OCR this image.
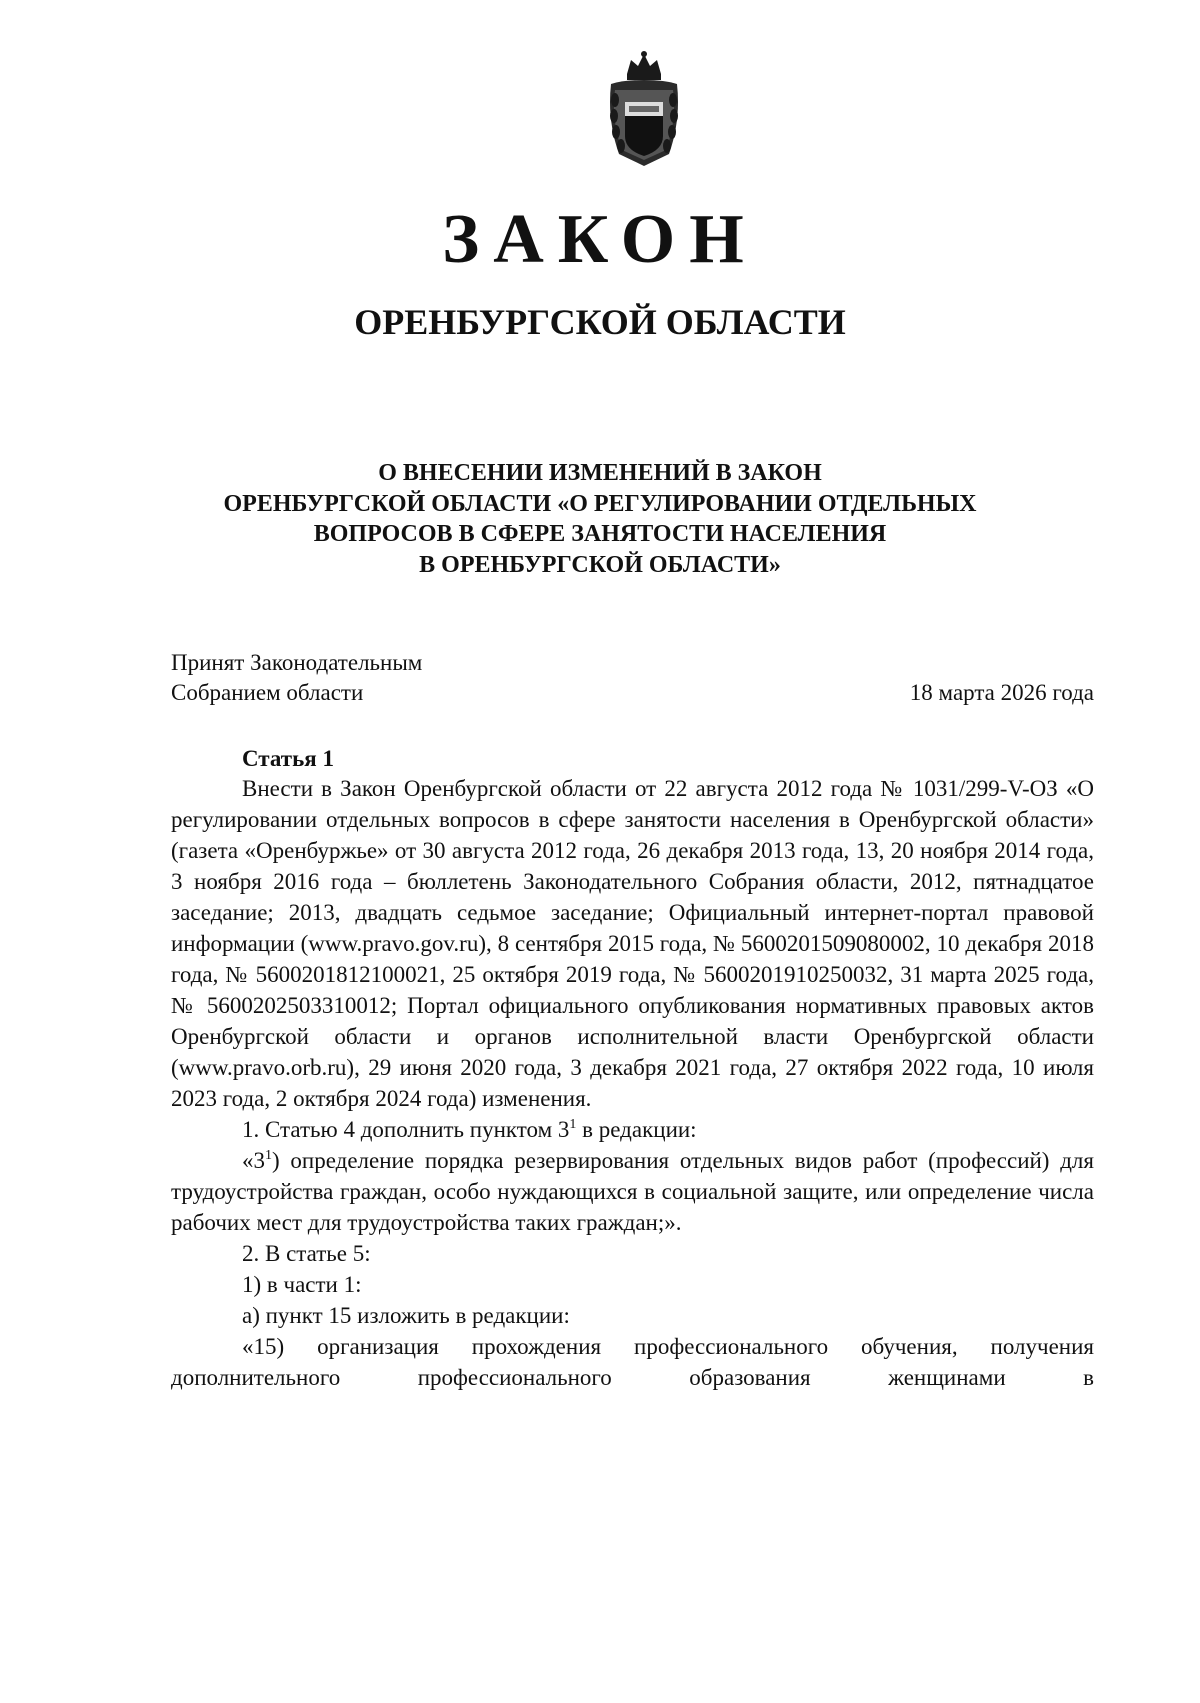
ЗАКОН
ОРЕНБУРГСКОЙ ОБЛАСТИ
О ВНЕСЕНИИ ИЗМЕНЕНИЙ В ЗАКОН
ОРЕНБУРГСКОЙ ОБЛАСТИ «О РЕГУЛИРОВАНИИ ОТДЕЛЬНЫХ
ВОПРОСОВ В СФЕРЕ ЗАНЯТОСТИ НАСЕЛЕНИЯ
В ОРЕНБУРГСКОЙ ОБЛАСТИ»
Принят Законодательным
Собранием области	18 марта 2026 года
Статья 1

Внести в Закон Оренбургской области от 22 августа 2012 года № 1031/299-V-ОЗ «О регулировании отдельных вопросов в сфере занятости населения в Оренбургской области» (газета «Оренбуржье» от 30 августа 2012 года, 26 декабря 2013 года, 13, 20 ноября 2014 года, 3 ноября 2016 года – бюллетень Законодательного Собрания области, 2012, пятнадцатое заседание; 2013, двадцать седьмое заседание; Официальный интернет-портал правовой информации (www.pravo.gov.ru), 8 сентября 2015 года, № 5600201509080002, 10 декабря 2018 года, № 5600201812100021, 25 октября 2019 года, № 5600201910250032, 31 марта 2025 года, № 5600202503310012; Портал официального опубликования нормативных правовых актов Оренбургской области и органов исполнительной власти Оренбургской области (www.pravo.orb.ru), 29 июня 2020 года, 3 декабря 2021 года, 27 октября 2022 года, 10 июля 2023 года, 2 октября 2024 года) изменения.

1. Статью 4 дополнить пунктом $3^1$ в редакции:

«$3^1$) определение порядка резервирования отдельных видов работ (профессий) для трудоустройства граждан, особо нуждающихся в социальной защите, или определение числа рабочих мест для трудоустройства таких граждан;».

2. В статье 5:

1) в части 1:

а) пункт 15 изложить в редакции:

«15) организация прохождения профессионального обучения, получения дополнительного профессионального образования женщинами в
